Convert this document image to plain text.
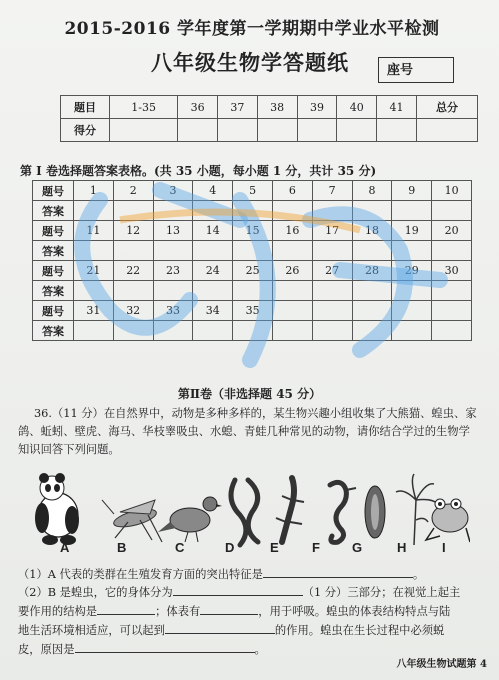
2015-2016 学年度第一学期期中学业水平检测
八年级生物学答题纸	座号
题目	1-35	36	37	38	39	40	41	总分
得分								
第 I 卷选择题答案表格。(共 35 小题，每小题 1 分，共计 35 分)
题号	1	2	3	4	5	6	7	8	9	10
答案										
题号	11	12	13	14	15	16	17	18	19	20
答案										
题号	21	22	23	24	25	26	27	28	29	30
答案										
题号	31	32	33	34	35					
答案										
第Ⅱ卷（非选择题 45 分）

36.（11 分）在自然界中，动物是多种多样的，某生物兴趣小组收集了大熊猫、蝗虫、家鸽、蚯蚓、壁虎、海马、华枝睾吸虫、水螅、青蛙几种常见的动物，请你结合学过的生物学知识回答下列问题。

A	B	C	D	E	F G	H	I
（1）A 代表的类群在生殖发育方面的突出特征是	。
（2）B 是蝗虫，它的身体分为	（1 分）三部分；在视觉上起主
要作用的结构是	；体表有	，用于呼吸。蝗虫的体表结构特点与陆
地生活环境相适应，可以起到	的作用。蝗虫在生长过程中必须蜕
皮，原因是	。
八年级生物试题第 4
